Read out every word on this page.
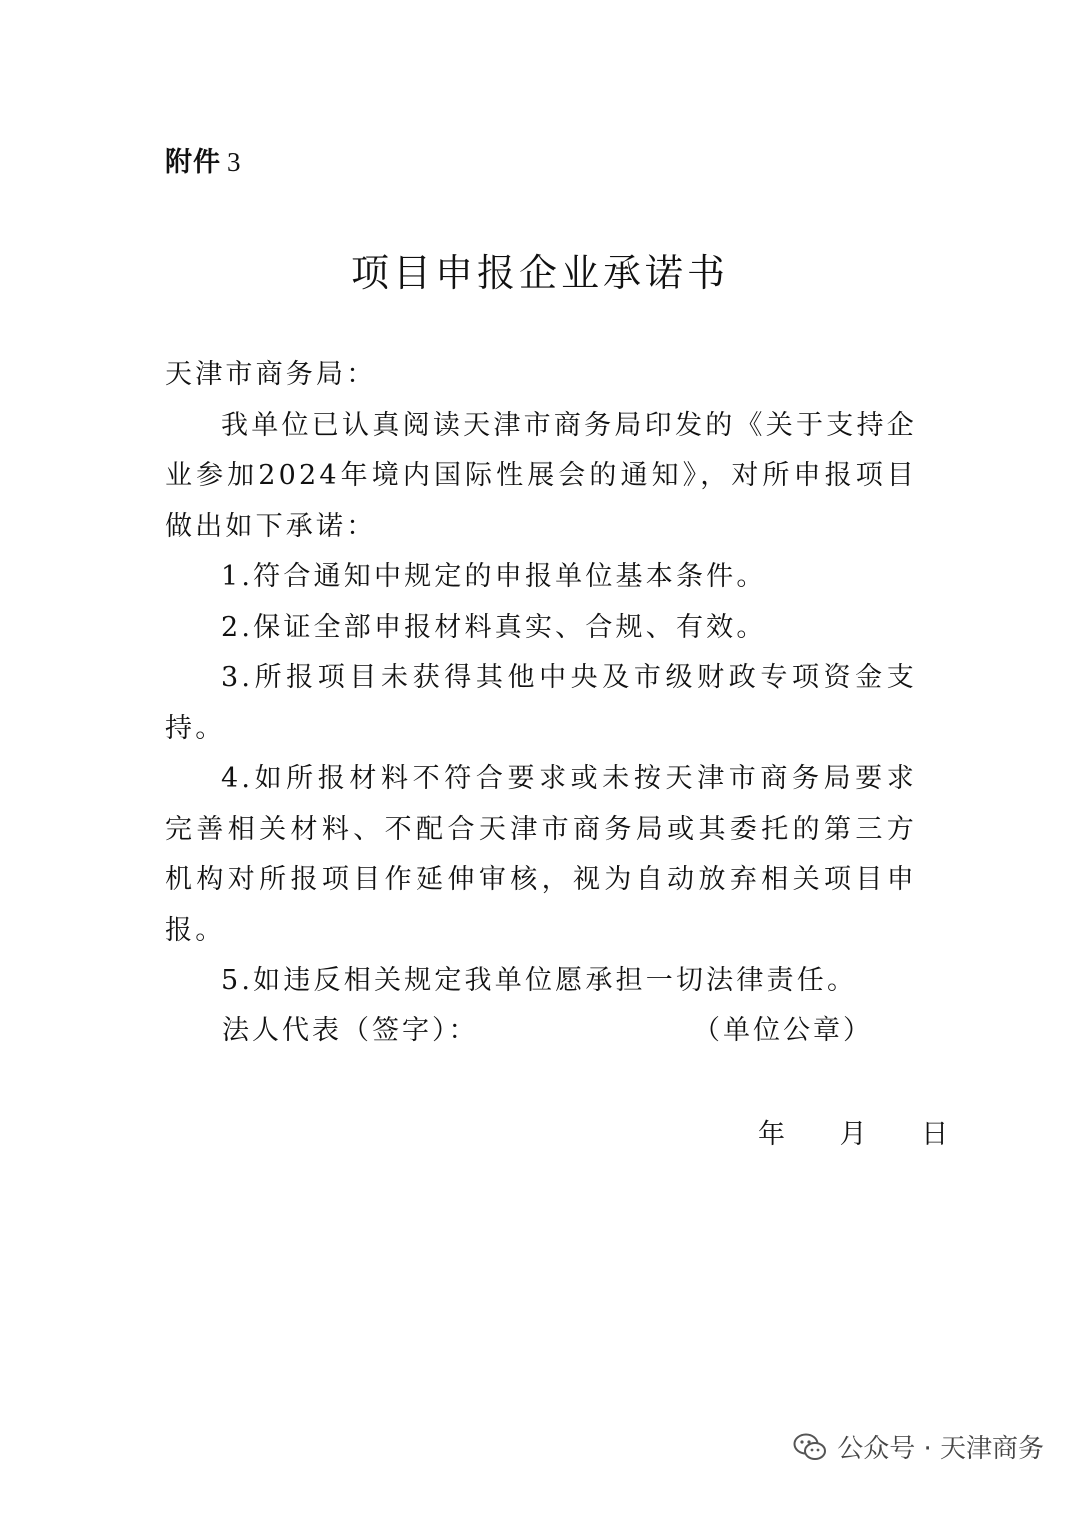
附件 3
项目申报企业承诺书

天津市商务局：

我单位已认真阅读天津市商务局印发的《关于支持企业参加2024年境内国际性展会的通知》，对所申报项目做出如下承诺：

1.符合通知中规定的申报单位基本条件。

2.保证全部申报材料真实、合规、有效。

3.所报项目未获得其他中央及市级财政专项资金支持。

4.如所报材料不符合要求或未按天津市商务局要求完善相关材料、不配合天津市商务局或其委托的第三方机构对所报项目作延伸审核，视为自动放弃相关项目申报。

5.如违反相关规定我单位愿承担一切法律责任。

法人代表（签字）：	（单位公章）
年 月 日
公众号 · 天津商务
